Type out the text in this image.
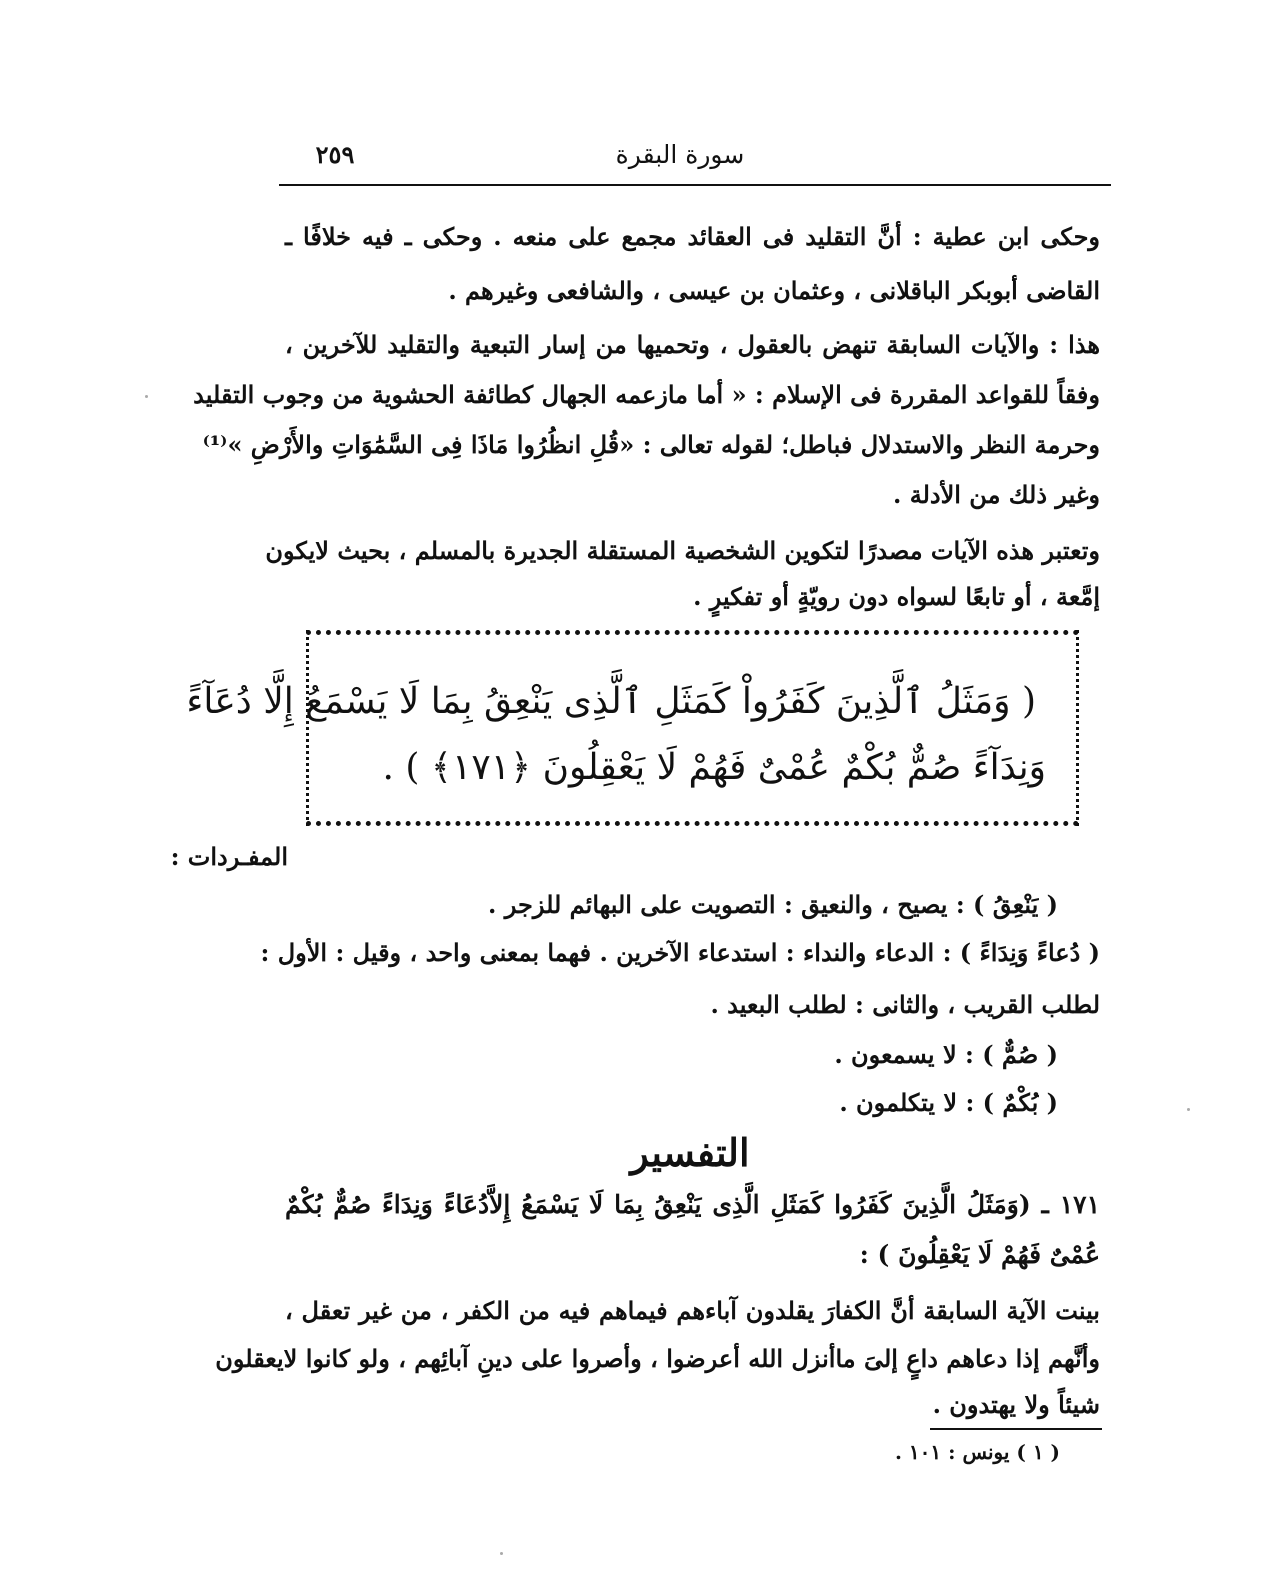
سورة البقرة
٢٥٩
وحكى ابن عطية : أنَّ التقليد فى العقائد مجمع على منعه . وحكى ـ فيه خلافًا ـ
القاضى أبوبكر الباقلانى ، وعثمان بن عيسى ، والشافعى وغيرهم .
هذا : والآيات السابقة تنهض بالعقول ، وتحميها من إسار التبعية والتقليد للآخرين ،
وفقاً للقواعد المقررة فى الإسلام : « أما مازعمه الجهال كطائفة الحشوية من وجوب التقليد
وحرمة النظر والاستدلال فباطل؛ لقوله تعالى : «قُلِ انظُرُوا مَاذَا فِى السَّمَٰوَاتِ والأَرْضِ »⁽¹⁾
وغير ذلك من الأدلة .
وتعتبر هذه الآيات مصدرًا لتكوين الشخصية المستقلة الجديرة بالمسلم ، بحيث لايكون
إمَّعة ، أو تابعًا لسواه دون رويّةٍ أو تفكيرٍ .
( وَمَثَلُ ٱلَّذِينَ كَفَرُواْ كَمَثَلِ ٱلَّذِى يَنْعِقُ بِمَا لَا يَسْمَعُ إِلَّا دُعَآءً
وَنِدَآءً صُمٌّ بُكْمٌ عُمْىٌ فَهُمْ لَا يَعْقِلُونَ ﴿١٧١﴾ ) .
المفـردات :
( يَنْعِقُ ) : يصيح ، والنعيق : التصويت على البهائم للزجر .
( دُعاءً وَنِدَاءً ) : الدعاء والنداء : استدعاء الآخرين . فهما بمعنى واحد ، وقيل : الأول :
لطلب القريب ، والثانى : لطلب البعيد .
( صُمٌّ ) : لا يسمعون .
( بُكْمٌ ) : لا يتكلمون .
التفسير
١٧١ ـ (وَمَثَلُ الَّذِينَ كَفَرُوا كَمَثَلِ الَّذِى يَنْعِقُ بِمَا لَا يَسْمَعُ إِلاَّدُعَاءً وَنِدَاءً صُمٌّ بُكْمٌ
عُمْىٌ فَهُمْ لَا يَعْقِلُونَ ) :
بينت الآية السابقة أنَّ الكفارَ يقلدون آباءهم فيماهم فيه من الكفر ، من غير تعقل ،
وأنَّهم إذا دعاهم داعٍ إلىَ ماأنزل الله أعرضوا ، وأصروا على دينِ آبائِهم ، ولو كانوا لايعقلون
شيئاً ولا يهتدون .
( ١ ) يونس : ١٠١ .
